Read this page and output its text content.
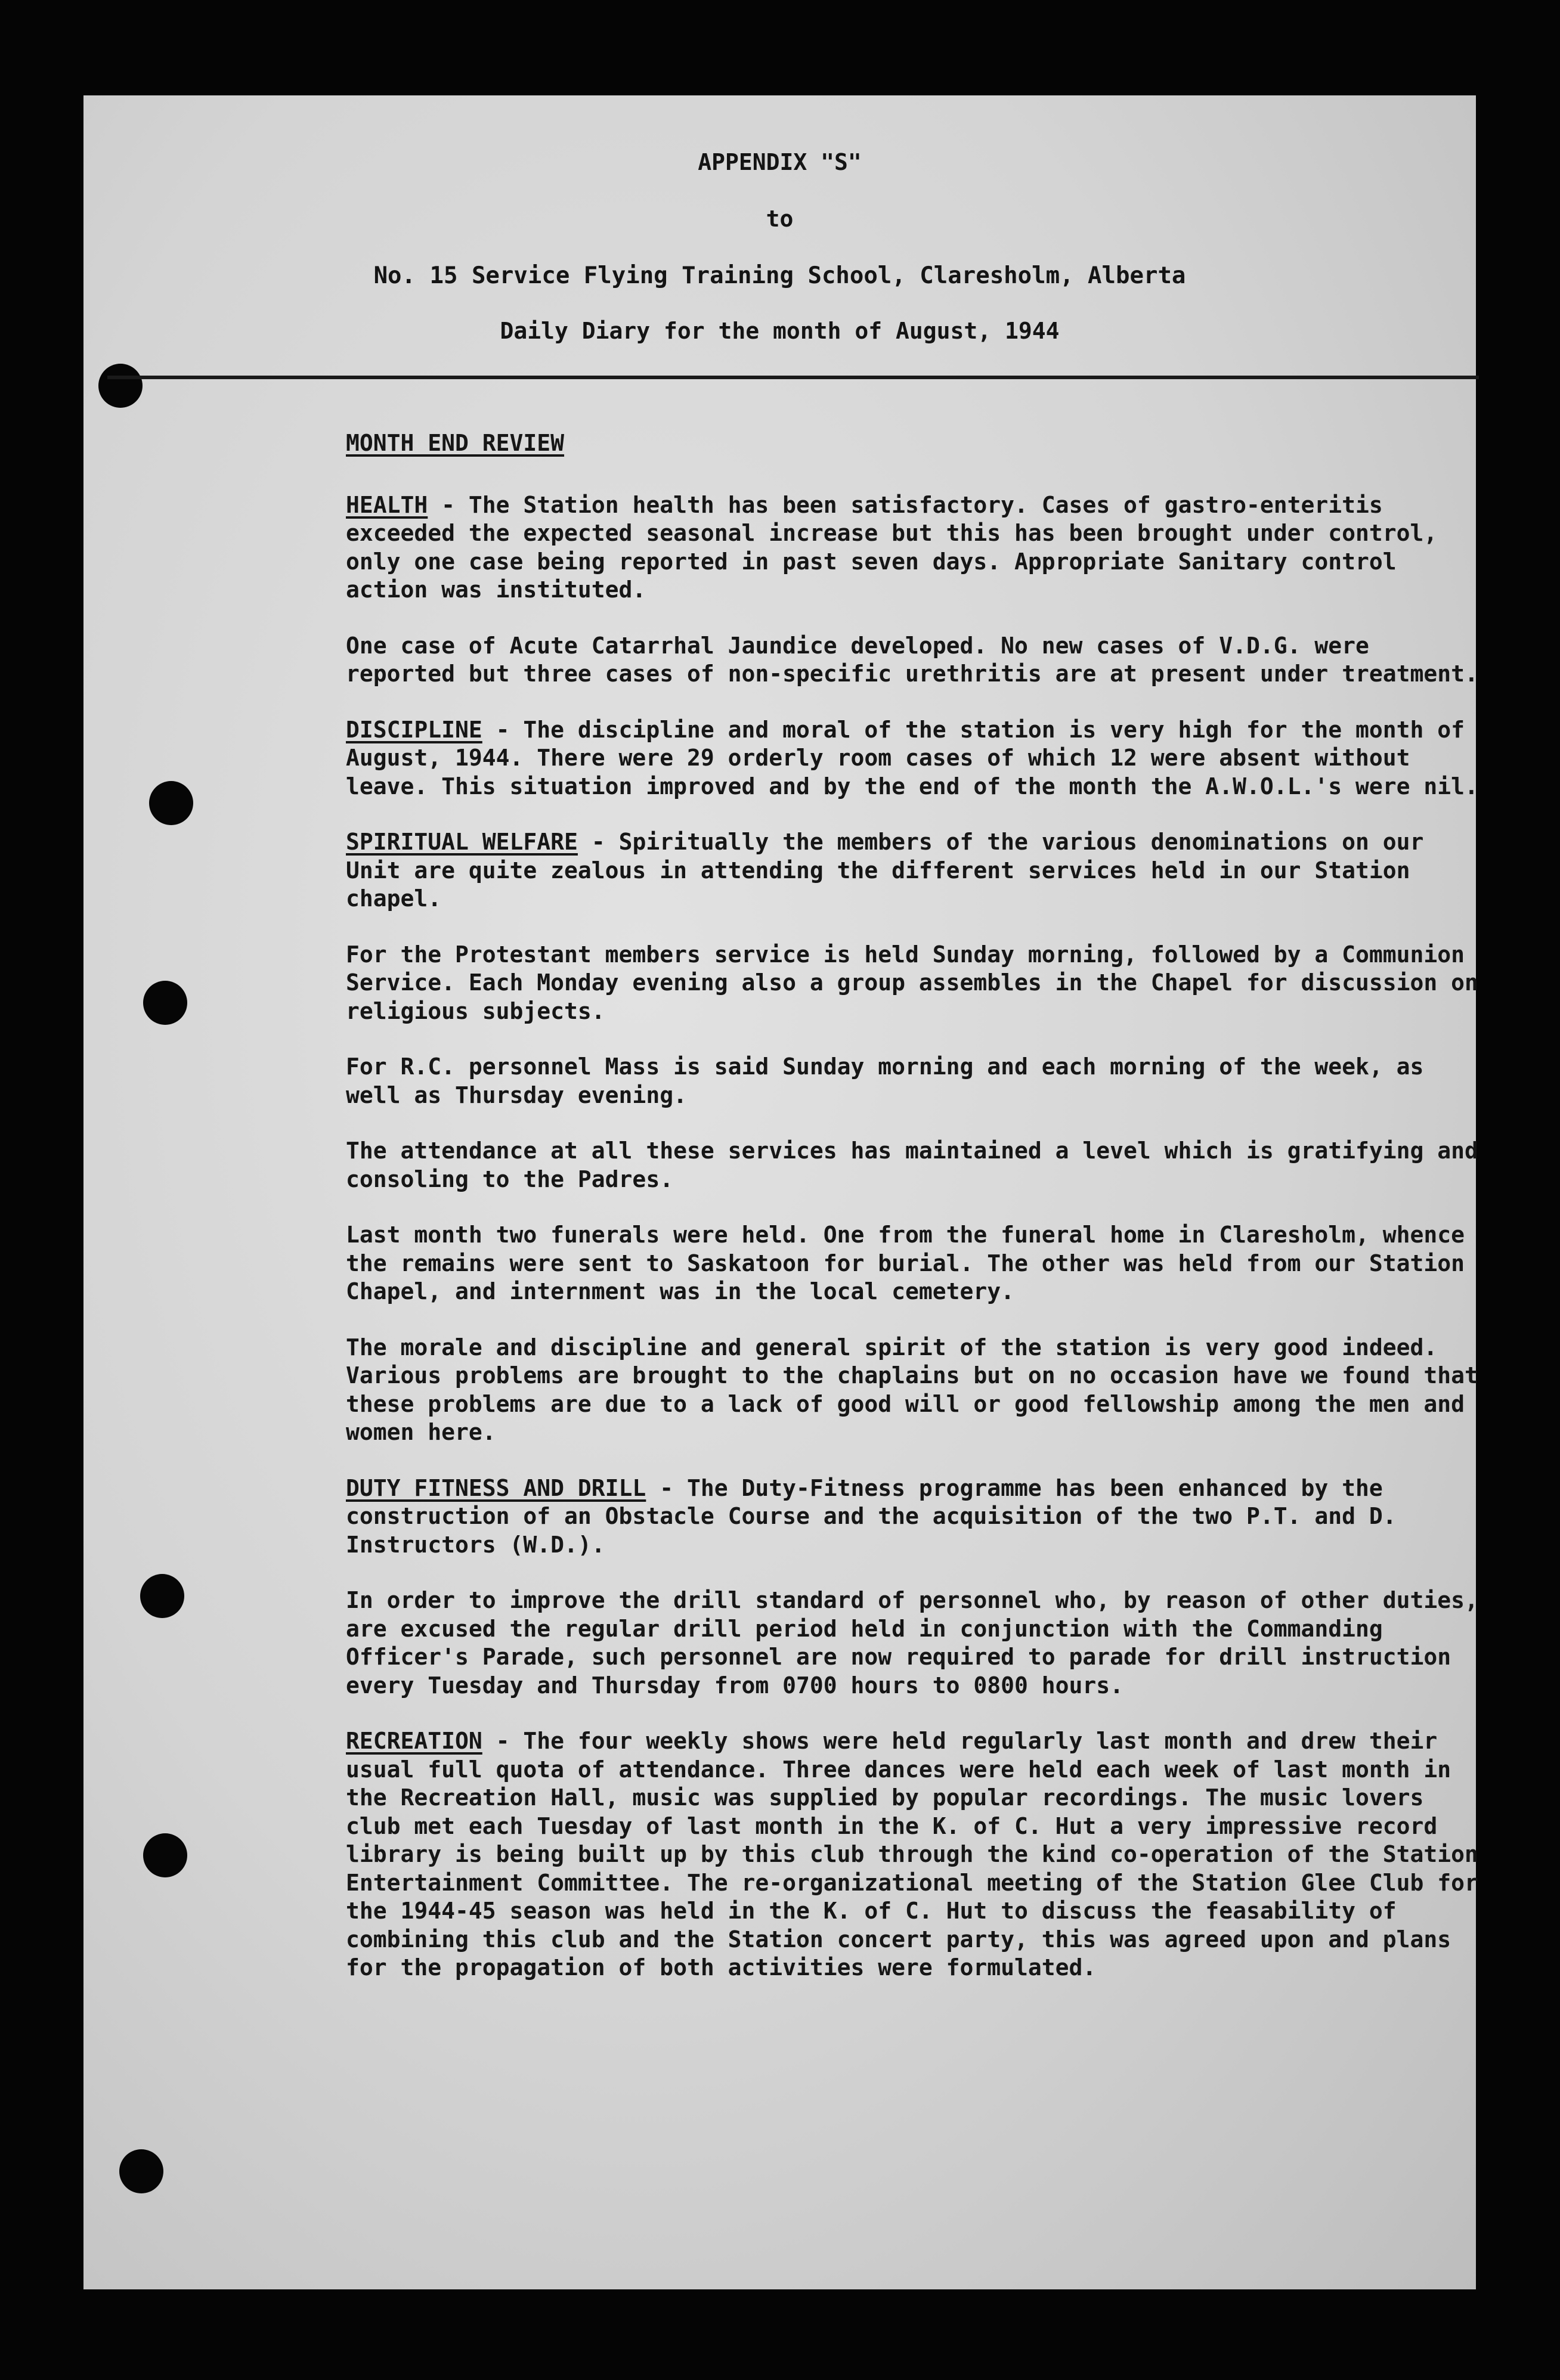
APPENDIX "S"
to
No. 15 Service Flying Training School, Claresholm, Alberta
Daily Diary for the month of August, 1944
MONTH END REVIEW

HEALTH - The Station health has been satisfactory. Cases of gastro-enteritis exceeded the expected seasonal increase but this has been brought under control, only one case being reported in past seven days. Appropriate Sanitary control action was instituted.

One case of Acute Catarrhal Jaundice developed. No new cases of V.D.G. were reported but three cases of non-specific urethritis are at present under treatment.

DISCIPLINE - The discipline and moral of the station is very high for the month of August, 1944. There were 29 orderly room cases of which 12 were absent without leave. This situation improved and by the end of the month the A.W.O.L.'s were nil.

SPIRITUAL WELFARE - Spiritually the members of the various denominations on our Unit are quite zealous in attending the different services held in our Station chapel.

For the Protestant members service is held Sunday morning, followed by a Communion Service. Each Monday evening also a group assembles in the Chapel for discussion on religious subjects.

For R.C. personnel Mass is said Sunday morning and each morning of the week, as well as Thursday evening.

The attendance at all these services has maintained a level which is gratifying and consoling to the Padres.

Last month two funerals were held. One from the funeral home in Claresholm, whence the remains were sent to Saskatoon for burial. The other was held from our Station Chapel, and internment was in the local cemetery.

The morale and discipline and general spirit of the station is very good indeed. Various problems are brought to the chaplains but on no occasion have we found that these problems are due to a lack of good will or good fellowship among the men and women here.

DUTY FITNESS AND DRILL - The Duty-Fitness programme has been enhanced by the construction of an Obstacle Course and the acquisition of the two P.T. and D. Instructors (W.D.).

In order to improve the drill standard of personnel who, by reason of other duties, are excused the regular drill period held in conjunction with the Commanding Officer's Parade, such personnel are now required to parade for drill instruction every Tuesday and Thursday from 0700 hours to 0800 hours.

RECREATION - The four weekly shows were held regularly last month and drew their usual full quota of attendance. Three dances were held each week of last month in the Recreation Hall, music was supplied by popular recordings. The music lovers club met each Tuesday of last month in the K. of C. Hut a very impressive record library is being built up by this club through the kind co-operation of the Station Entertainment Committee. The re-organizational meeting of the Station Glee Club for the 1944-45 season was held in the K. of C. Hut to discuss the feasability of combining this club and the Station concert party, this was agreed upon and plans for the propagation of both activities were formulated.
